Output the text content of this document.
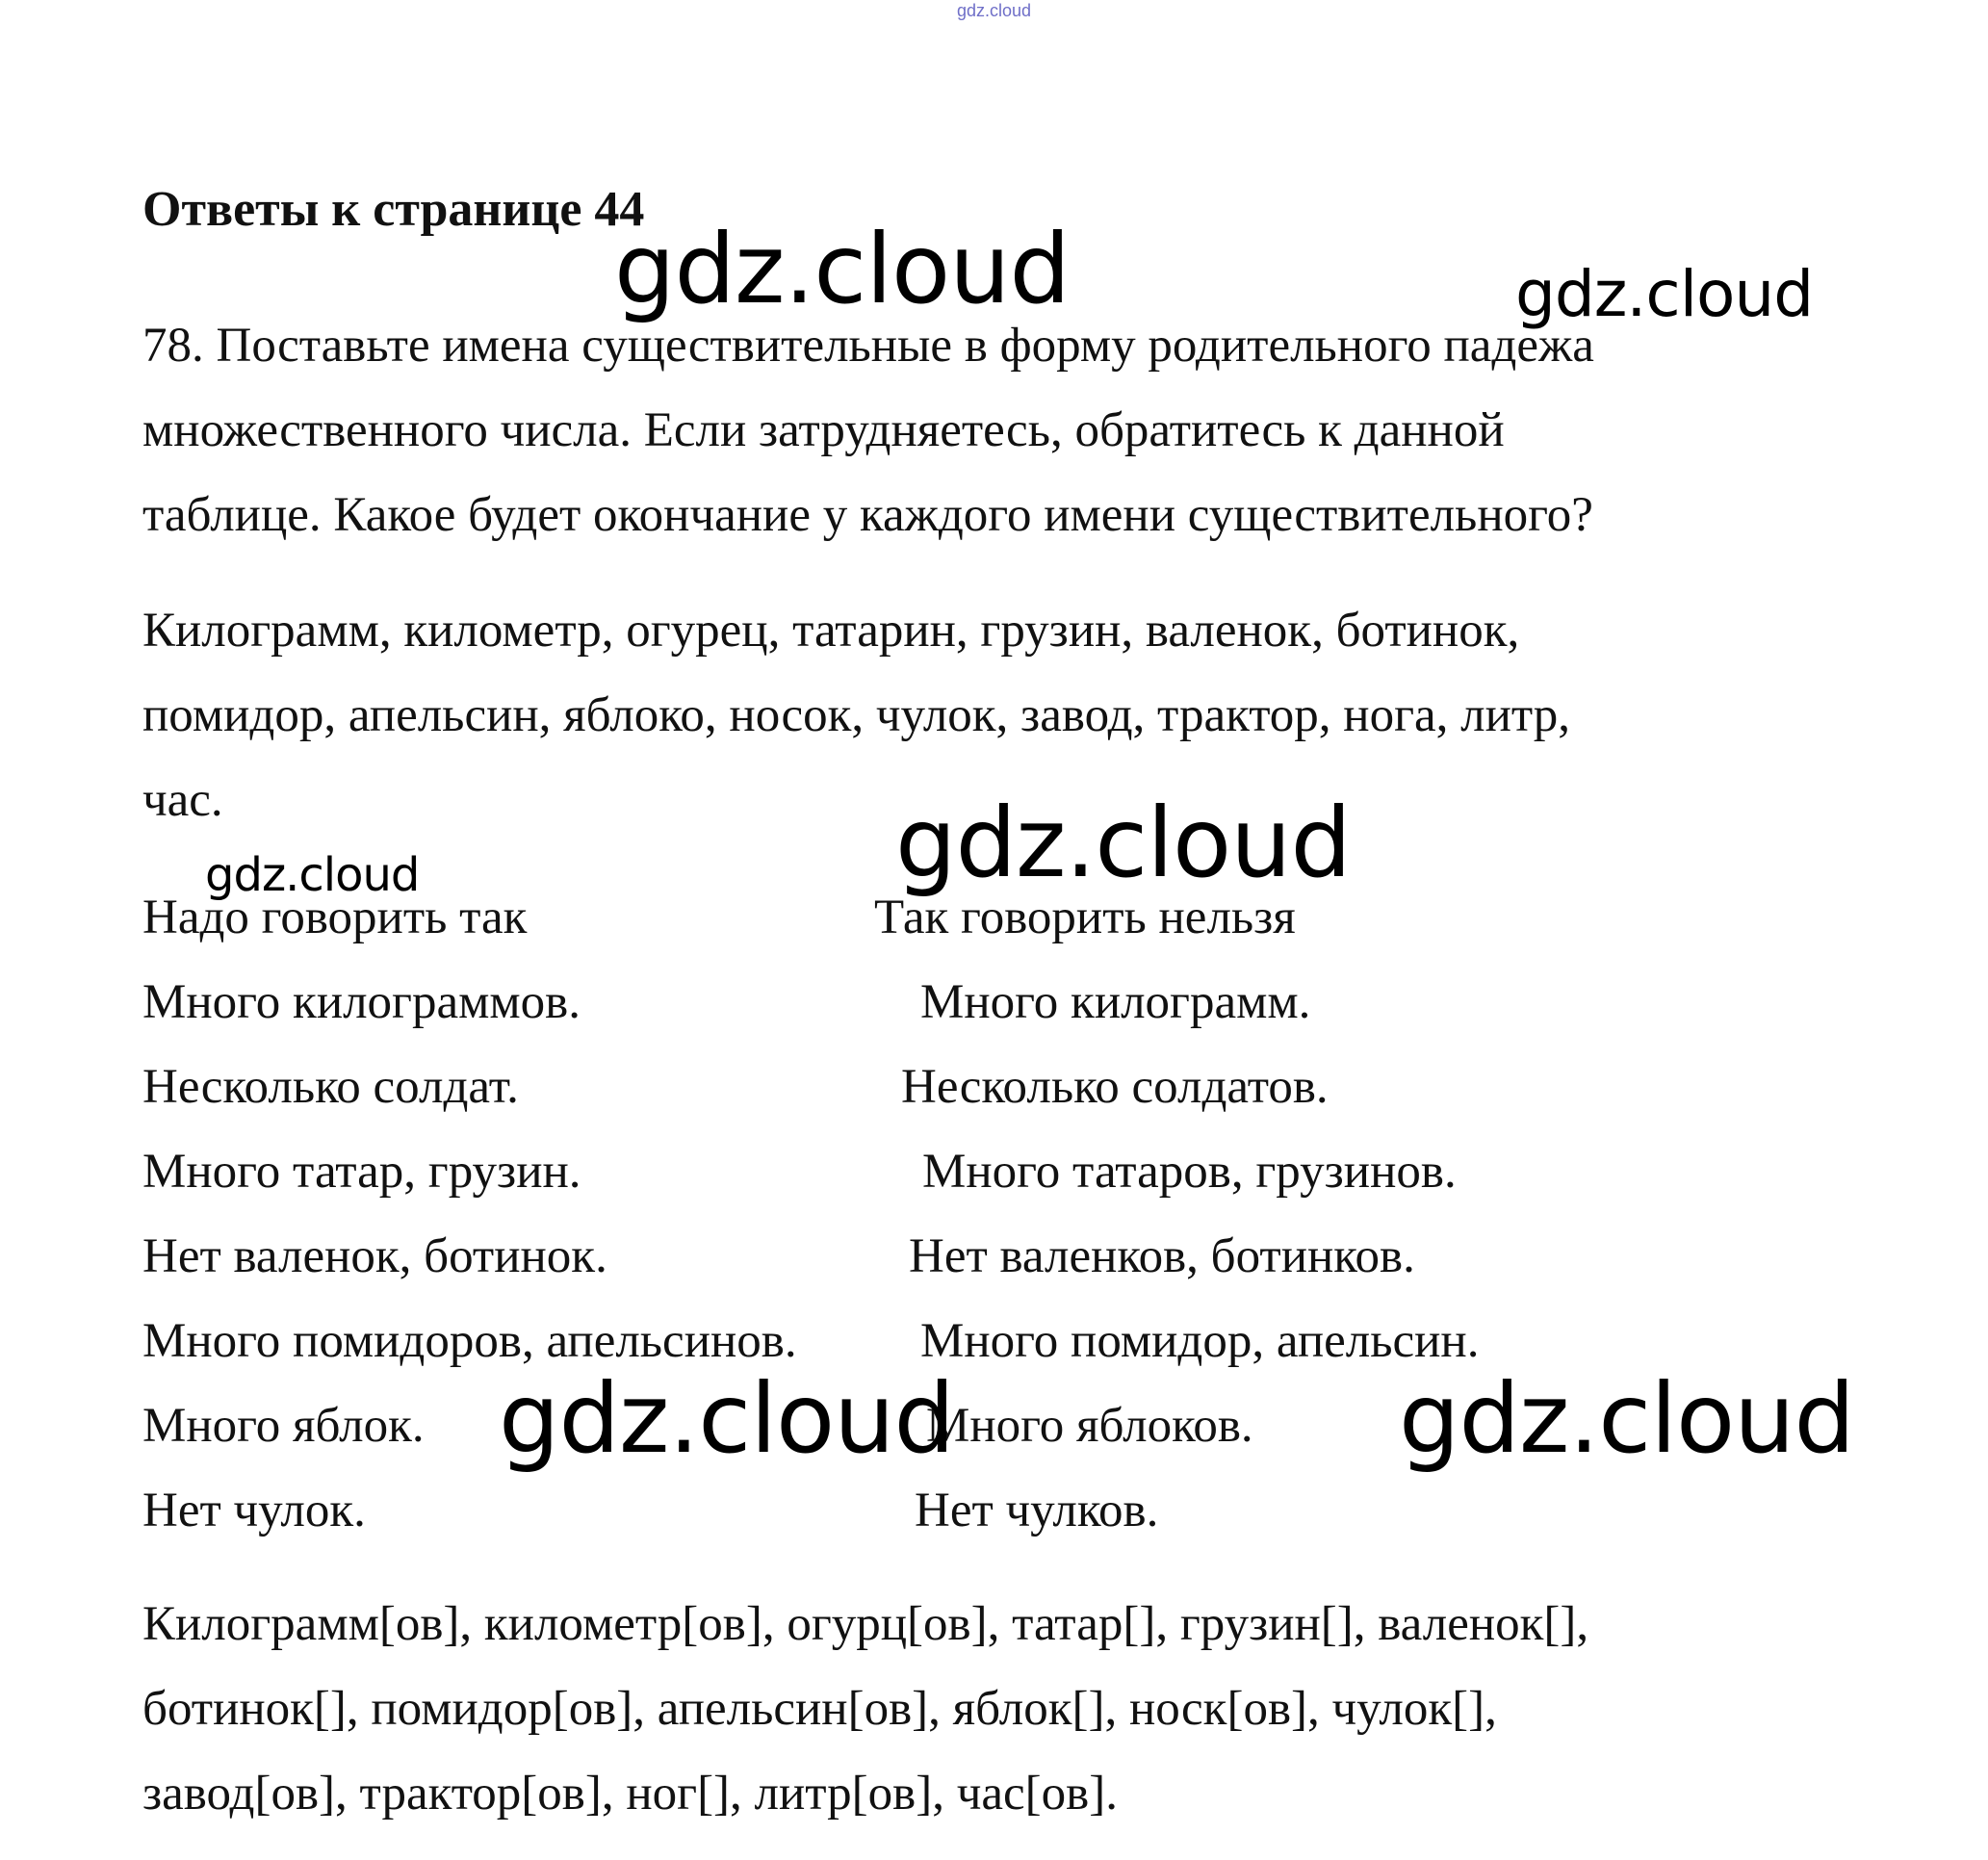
gdz.cloud
Ответы к странице 44
78. Поставьте имена существительные в форму родительного падежа
множественного числа. Если затрудняетесь, обратитесь к данной
таблице. Какое будет окончание у каждого имени существительного?
Килограмм, километр, огурец, татарин, грузин, валенок, ботинок,
помидор, апельсин, яблоко, носок, чулок, завод, трактор, нога, литр,
час.
Надо говорить так	Так говорить нельзя
Много килограммов.	Много килограмм.
Несколько солдат.	Несколько солдатов.
Много татар, грузин.	Много татаров, грузинов.
Нет валенок, ботинок.	Нет валенков, ботинков.
Много помидоров, апельсинов.	Много помидор, апельсин.
Много яблок.	Много яблоков.
Нет чулок.	Нет чулков.
Килограмм[ов], километр[ов], огурц[ов], татар[], грузин[], валенок[],
ботинок[], помидор[ов], апельсин[ов], яблок[], носк[ов], чулок[],
завод[ов], трактор[ов], ног[], литр[ов], час[ов].
gdz.cloud	gdz.cloud
gdz.cloud
gdz.cloud
gdz.cloud	gdz.cloud
